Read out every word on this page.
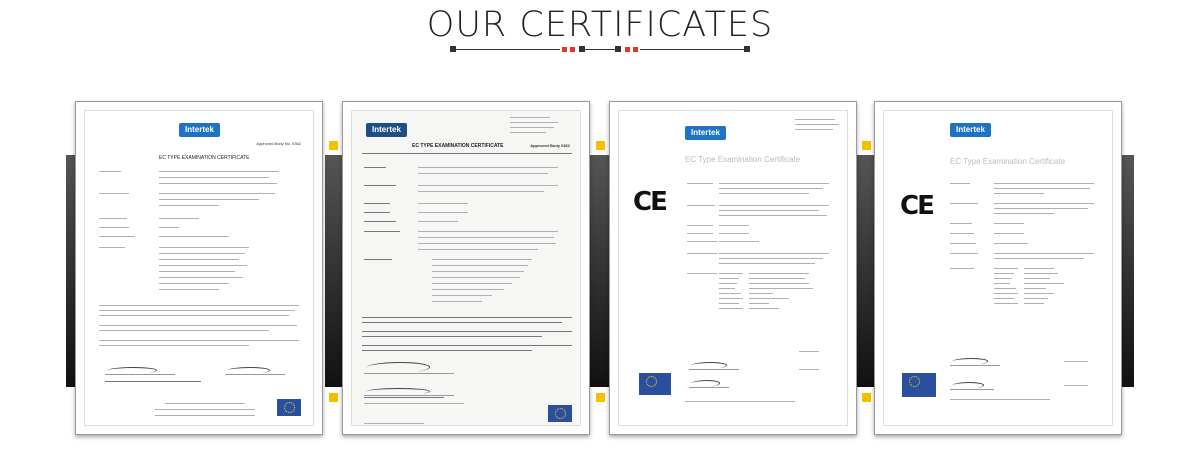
OUR CERTIFICATES
Intertek
Approved Body No. 0362
EC TYPE EXAMINATION CERTIFICATE
Intertek
EC TYPE EXAMINATION CERTIFICATE	Approved Body 0362
Intertek
EC Type Examination Certificate
CE
Intertek
EC Type Examination Certificate
CE
